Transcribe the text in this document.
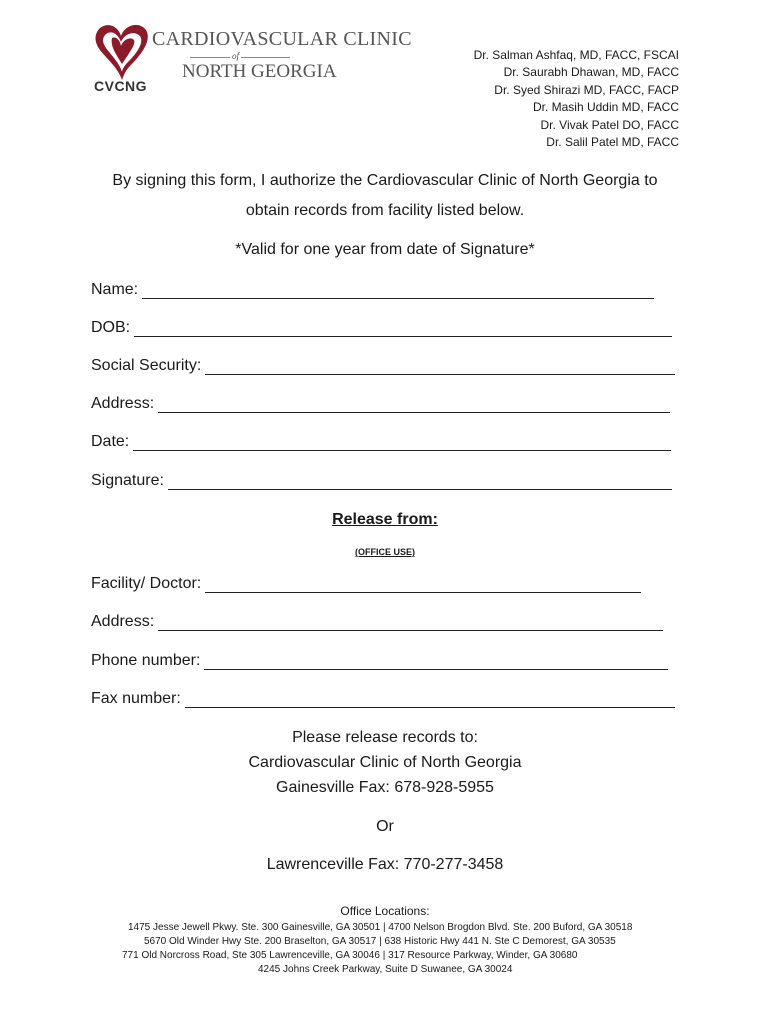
CARDIOVASCULAR CLINIC
of
NORTH GEORGIA
CVCNG
Dr. Salman Ashfaq, MD, FACC, FSCAI
Dr. Saurabh Dhawan, MD, FACC
Dr. Syed Shirazi MD, FACC, FACP
Dr. Masih Uddin MD, FACC
Dr. Vivak Patel DO, FACC
Dr. Salil Patel MD, FACC
By signing this form, I authorize the Cardiovascular Clinic of North Georgia to
obtain records from facility listed below.
*Valid for one year from date of Signature*
Name:
DOB:
Social Security:
Address:
Date:
Signature:
Release from:
(OFFICE USE)
Facility/ Doctor:
Address:
Phone number:
Fax number:
Please release records to:
Cardiovascular Clinic of North Georgia
Gainesville Fax: 678-928-5955
Or
Lawrenceville Fax: 770-277-3458
Office Locations:
1475 Jesse Jewell Pkwy. Ste. 300 Gainesville, GA 30501 | 4700 Nelson Brogdon Blvd. Ste. 200 Buford, GA 30518
5670 Old Winder Hwy Ste. 200 Braselton, GA 30517 | 638 Historic Hwy 441 N. Ste C Demorest, GA 30535
771 Old Norcross Road, Ste 305 Lawrenceville, GA 30046 | 317 Resource Parkway, Winder, GA 30680
4245 Johns Creek Parkway, Suite D Suwanee, GA 30024
